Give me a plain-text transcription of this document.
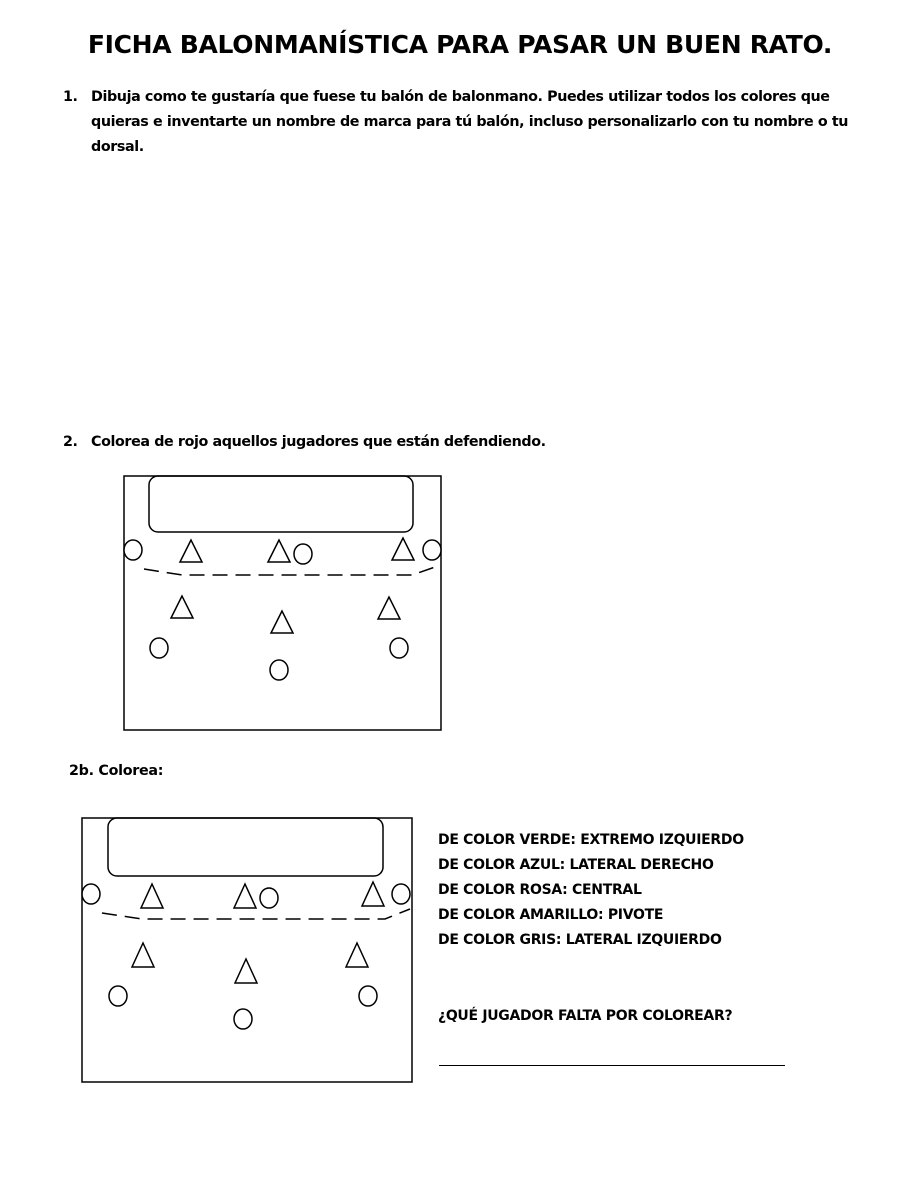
FICHA BALONMANÍSTICA PARA PASAR UN BUEN RATO.
1. Dibuja como te gustaría que fuese tu balón de balonmano. Puedes utilizar todos los colores que quieras e inventarte un nombre de marca para tú balón, incluso personalizarlo con tu nombre o tu dorsal.
2. Colorea de rojo aquellos jugadores que están defendiendo.
2b. Colorea:
DE COLOR VERDE: EXTREMO IZQUIERDO
DE COLOR AZUL: LATERAL DERECHO
DE COLOR ROSA: CENTRAL
DE COLOR AMARILLO: PIVOTE
DE COLOR GRIS: LATERAL IZQUIERDO
¿QUÉ JUGADOR FALTA POR COLOREAR?
